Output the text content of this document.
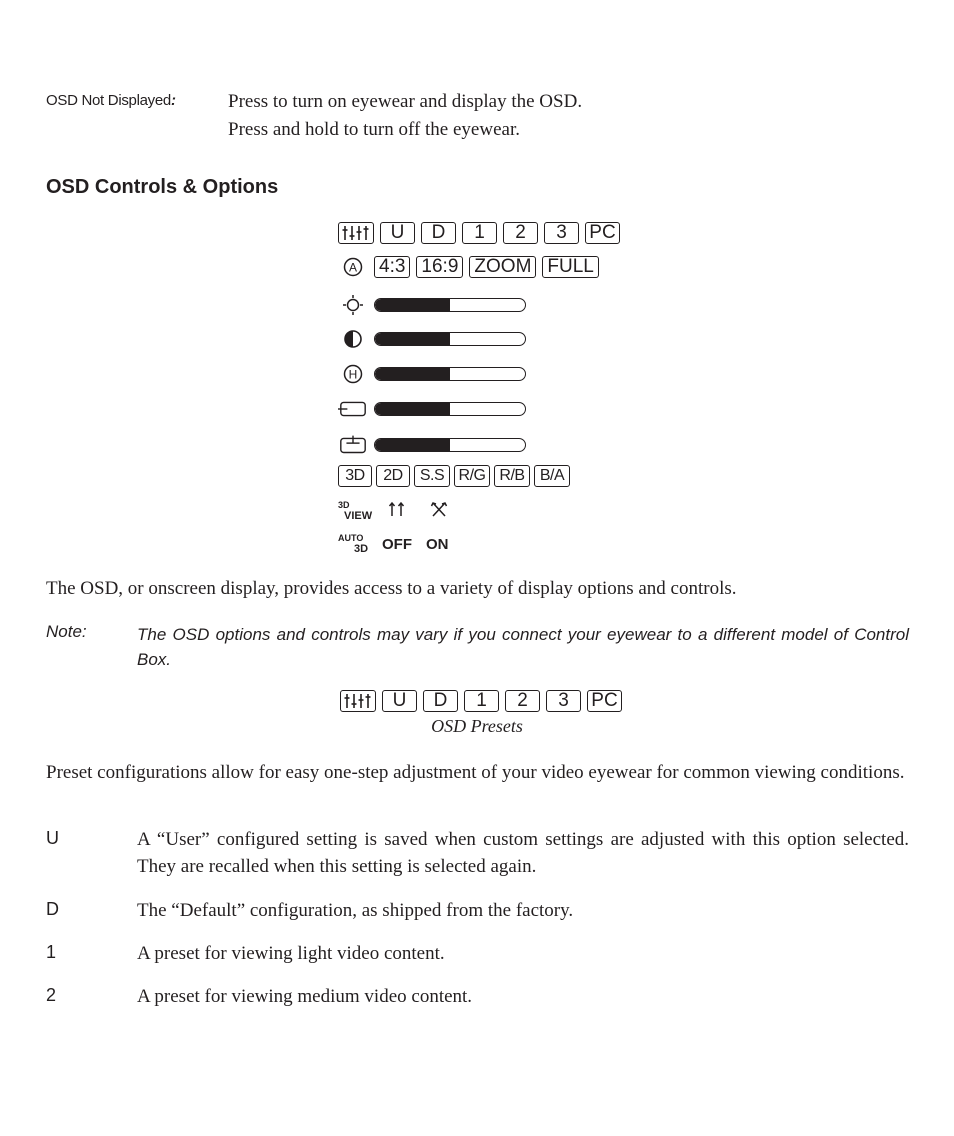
OSD Not Displayed:	Press to turn on eyewear and display the OSD.
Press and hold to turn off the eyewear.
OSD Controls & Options
U	D	1	2	3	PC
A 4:3 16:9 ZOOM FULL
H
3D	2D	S.S R/G R/B B/A
3D
VIEW
AUTO
3D OFF ON
The OSD, or onscreen display, provides access to a variety of display options and controls.
Note:	The OSD options and controls may vary if you connect your eyewear to a different model of Control Box.
U	D	1	2	3	PC
OSD Presets
Preset configurations allow for easy one-step adjustment of your video eyewear for common viewing conditions.
U	A “User” configured setting is saved when custom settings are adjusted with this option selected. They are recalled when this setting is selected again.
D	The “Default” configuration, as shipped from the factory.
1	A preset for viewing light video content.
2	A preset for viewing medium video content.
